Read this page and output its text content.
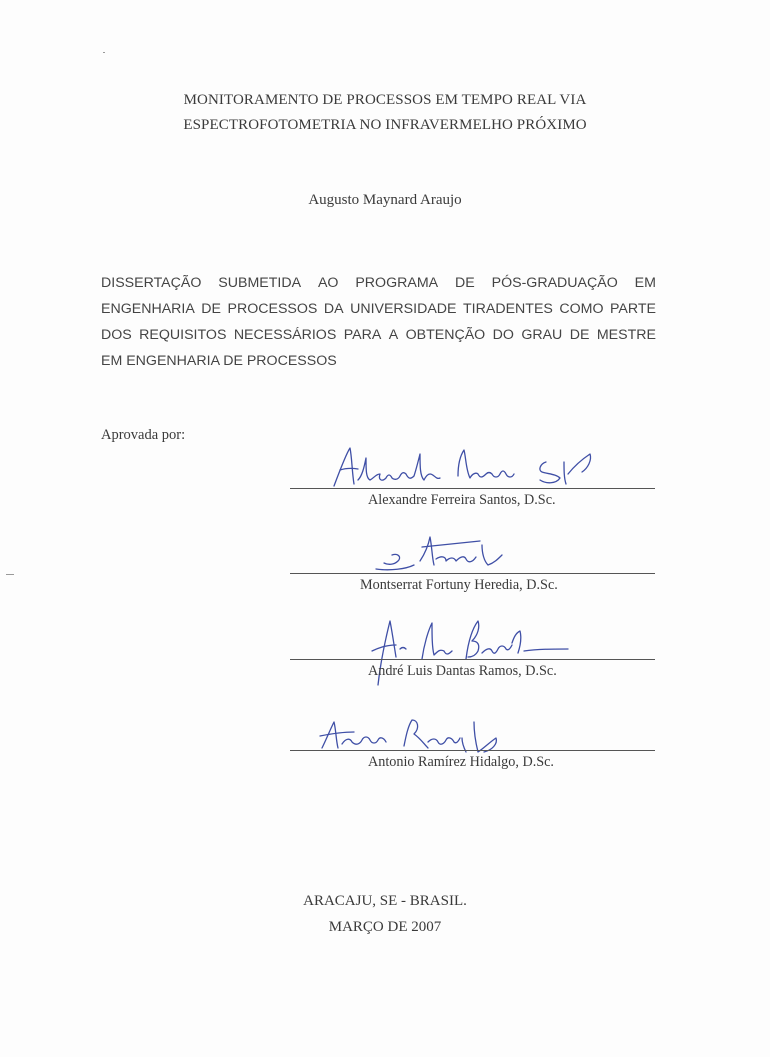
MONITORAMENTO DE PROCESSOS EM TEMPO REAL VIA
ESPECTROFOTOMETRIA NO INFRAVERMELHO PRÓXIMO
Augusto Maynard Araujo
DISSERTAÇÃO SUBMETIDA AO PROGRAMA DE PÓS-GRADUAÇÃO EM
ENGENHARIA DE PROCESSOS DA UNIVERSIDADE TIRADENTES COMO PARTE
DOS REQUISITOS NECESSÁRIOS PARA A OBTENÇÃO DO GRAU DE MESTRE
EM ENGENHARIA DE PROCESSOS
Aprovada por:
Alexandre Ferreira Santos, D.Sc.
Montserrat Fortuny Heredia, D.Sc.
André Luis Dantas Ramos, D.Sc.
Antonio Ramírez Hidalgo, D.Sc.
ARACAJU, SE - BRASIL.
MARÇO DE 2007
